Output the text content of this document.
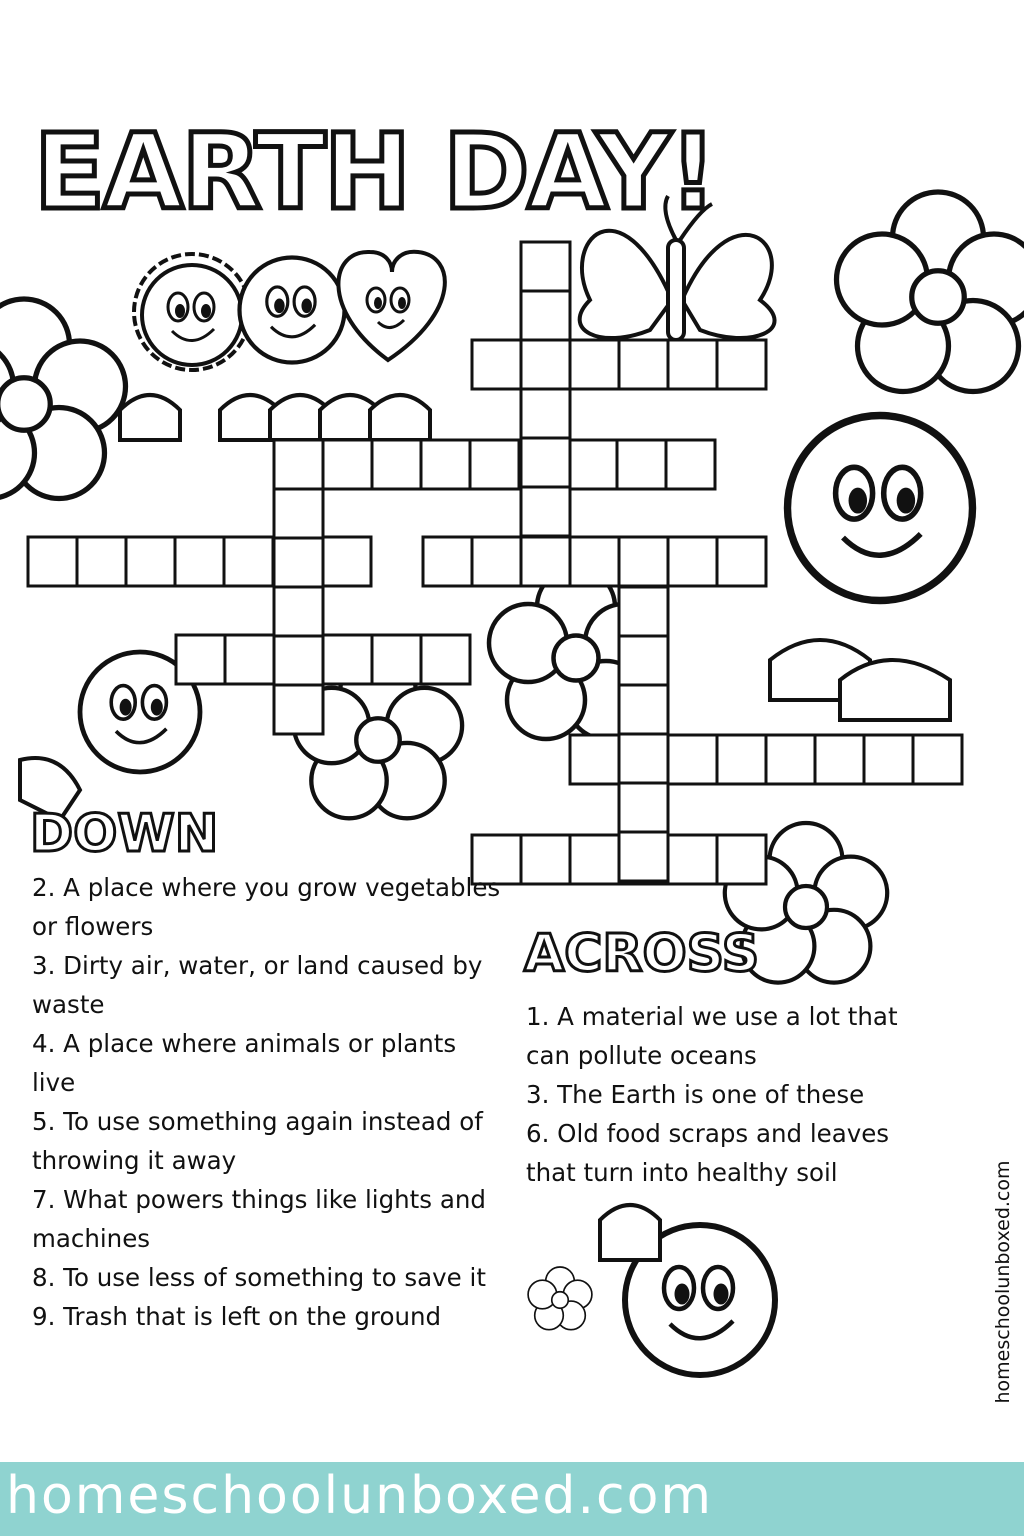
EARTH DAY!
DOWN

2. A place where you grow vegetables or flowers

3. Dirty air, water, or land caused by waste

4. A place where animals or plants live

5. To use something again instead of throwing it away

7. What powers things like lights and machines

8. To use less of something to save it

9. Trash that is left on the ground

ACROSS

1. A material we use a lot that can pollute oceans

3. The Earth is one of these

6. Old food scraps and leaves that turn into healthy soil	homeschoolunboxed.com
homeschoolunboxed.com
